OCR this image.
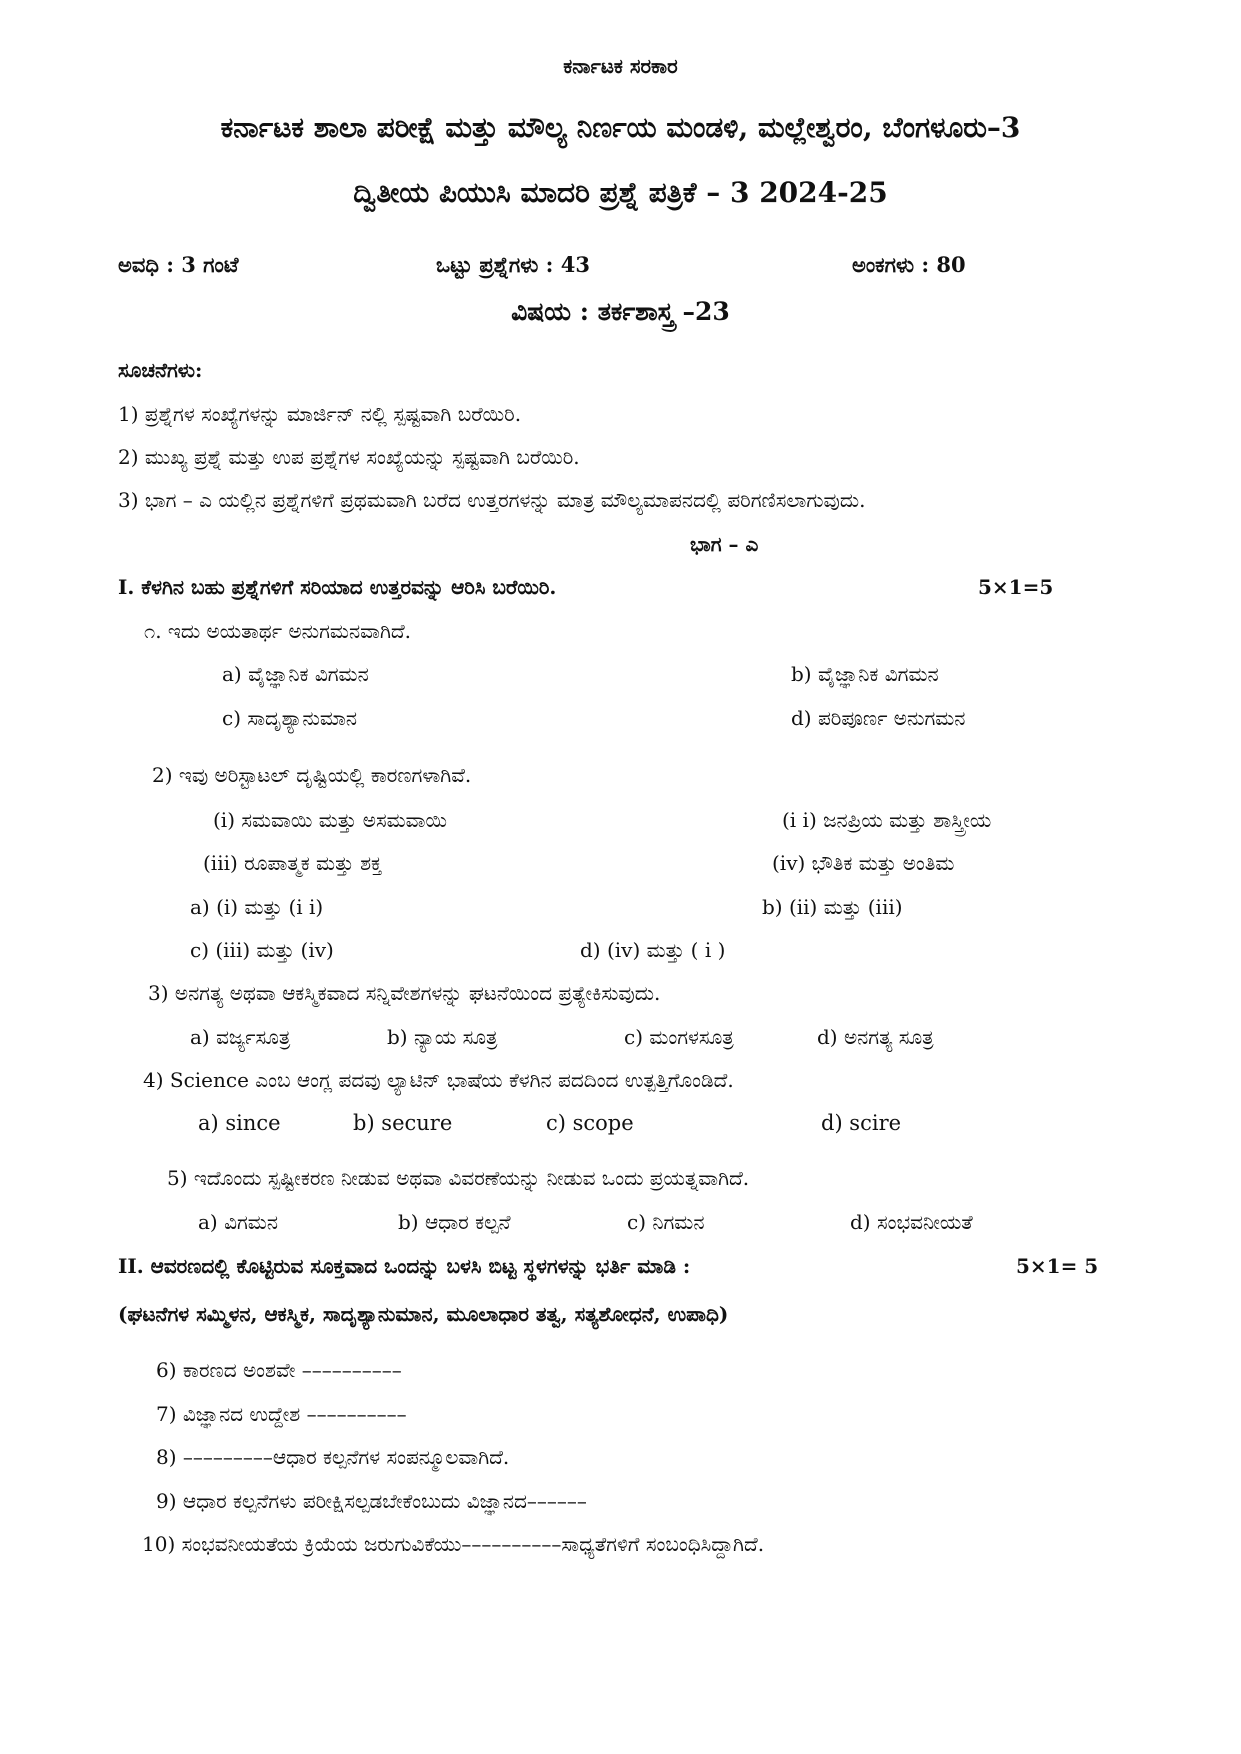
ಕರ್ನಾಟಕ ಸರಕಾರ
ಕರ್ನಾಟಕ ಶಾಲಾ ಪರೀಕ್ಷೆ ಮತ್ತು ಮೌಲ್ಯ ನಿರ್ಣಯ ಮಂಡಳಿ, ಮಲ್ಲೇಶ್ವರಂ, ಬೆಂಗಳೂರು–3
ದ್ವಿತೀಯ ಪಿಯುಸಿ ಮಾದರಿ ಪ್ರಶ್ನೆ ಪತ್ರಿಕೆ – 3 2024-25
ಅವಧಿ : 3 ಗಂಟೆ	ಒಟ್ಟು ಪ್ರಶ್ನೆಗಳು : 43	ಅಂಕಗಳು : 80
ವಿಷಯ : ತರ್ಕಶಾಸ್ತ್ರ –23
ಸೂಚನೆಗಳು:
1) ಪ್ರಶ್ನೆಗಳ ಸಂಖ್ಯೆಗಳನ್ನು ಮಾರ್ಜಿನ್ ನಲ್ಲಿ ಸ್ಪಷ್ಟವಾಗಿ ಬರೆಯಿರಿ.
2) ಮುಖ್ಯ ಪ್ರಶ್ನೆ ಮತ್ತು ಉಪ ಪ್ರಶ್ನೆಗಳ ಸಂಖ್ಯೆಯನ್ನು ಸ್ಪಷ್ಟವಾಗಿ ಬರೆಯಿರಿ.
3) ಭಾಗ – ಎ ಯಲ್ಲಿನ ಪ್ರಶ್ನೆಗಳಿಗೆ ಪ್ರಥಮವಾಗಿ ಬರೆದ ಉತ್ತರಗಳನ್ನು ಮಾತ್ರ ಮೌಲ್ಯಮಾಪನದಲ್ಲಿ ಪರಿಗಣಿಸಲಾಗುವುದು.
ಭಾಗ – ಎ
I. ಕೆಳಗಿನ ಬಹು ಪ್ರಶ್ನೆಗಳಿಗೆ ಸರಿಯಾದ ಉತ್ತರವನ್ನು ಆರಿಸಿ ಬರೆಯಿರಿ.	5×1=5
೧. ಇದು ಅಯತಾರ್ಥ ಅನುಗಮನವಾಗಿದೆ.
a) ವೈಜ್ಞಾನಿಕ ವಿಗಮನ	b) ವೈಜ್ಞಾನಿಕ ವಿಗಮನ
c) ಸಾದೃಶ್ಯಾನುಮಾನ	d) ಪರಿಪೂರ್ಣ ಅನುಗಮನ
2) ಇವು ಅರಿಸ್ಟಾಟಲ್ ದೃಷ್ಟಿಯಲ್ಲಿ ಕಾರಣಗಳಾಗಿವೆ.
(i) ಸಮವಾಯಿ ಮತ್ತು ಅಸಮವಾಯಿ	(i i) ಜನಪ್ರಿಯ ಮತ್ತು ಶಾಸ್ತ್ರೀಯ
(iii) ರೂಪಾತ್ಮಕ ಮತ್ತು ಶಕ್ತ	(iv) ಭೌತಿಕ ಮತ್ತು ಅಂತಿಮ
a) (i) ಮತ್ತು (i i)	b) (ii) ಮತ್ತು (iii)
c) (iii) ಮತ್ತು (iv)	d) (iv) ಮತ್ತು ( i )
3) ಅನಗತ್ಯ ಅಥವಾ ಆಕಸ್ಮಿಕವಾದ ಸನ್ನಿವೇಶಗಳನ್ನು ಘಟನೆಯಿಂದ ಪ್ರತ್ಯೇಕಿಸುವುದು.
a) ವರ್ಜ್ಯಸೂತ್ರ	b) ನ್ಯಾಯ ಸೂತ್ರ	c) ಮಂಗಳಸೂತ್ರ	d) ಅನಗತ್ಯ ಸೂತ್ರ
4) Science ಎಂಬ ಆಂಗ್ಲ ಪದವು ಲ್ಯಾಟಿನ್ ಭಾಷೆಯ ಕೆಳಗಿನ ಪದದಿಂದ ಉತ್ಪತ್ತಿಗೊಂಡಿದೆ.
a) since	b) secure	c) scope	d) scire
5) ಇದೊಂದು ಸ್ಪಷ್ಟೀಕರಣ ನೀಡುವ ಅಥವಾ ವಿವರಣೆಯನ್ನು ನೀಡುವ ಒಂದು ಪ್ರಯತ್ನವಾಗಿದೆ.
a) ವಿಗಮನ	b) ಆಧಾರ ಕಲ್ಪನೆ	c) ನಿಗಮನ	d) ಸಂಭವನೀಯತೆ
II. ಆವರಣದಲ್ಲಿ ಕೊಟ್ಟಿರುವ ಸೂಕ್ತವಾದ ಒಂದನ್ನು ಬಳಸಿ ಬಿಟ್ಟ ಸ್ಥಳಗಳನ್ನು ಭರ್ತಿ ಮಾಡಿ :	5×1= 5
(ಘಟನೆಗಳ ಸಮ್ಮಿಳನ, ಆಕಸ್ಮಿಕ, ಸಾದೃಶ್ಯಾನುಮಾನ, ಮೂಲಾಧಾರ ತತ್ವ, ಸತ್ಯಶೋಧನೆ, ಉಪಾಧಿ)
6) ಕಾರಣದ ಅಂಶವೇ ––––––––––
7) ವಿಜ್ಞಾನದ ಉದ್ದೇಶ ––––––––––
8) –––––––––ಆಧಾರ ಕಲ್ಪನೆಗಳ ಸಂಪನ್ಮೂಲವಾಗಿದೆ.
9) ಆಧಾರ ಕಲ್ಪನೆಗಳು ಪರೀಕ್ಷಿಸಲ್ಪಡಬೇಕೆಂಬುದು ವಿಜ್ಞಾನದ––––––
10) ಸಂಭವನೀಯತೆಯ ಕ್ರಿಯೆಯ ಜರುಗುವಿಕೆಯು––––––––––ಸಾಧ್ಯತೆಗಳಿಗೆ ಸಂಬಂಧಿಸಿದ್ದಾಗಿದೆ.
